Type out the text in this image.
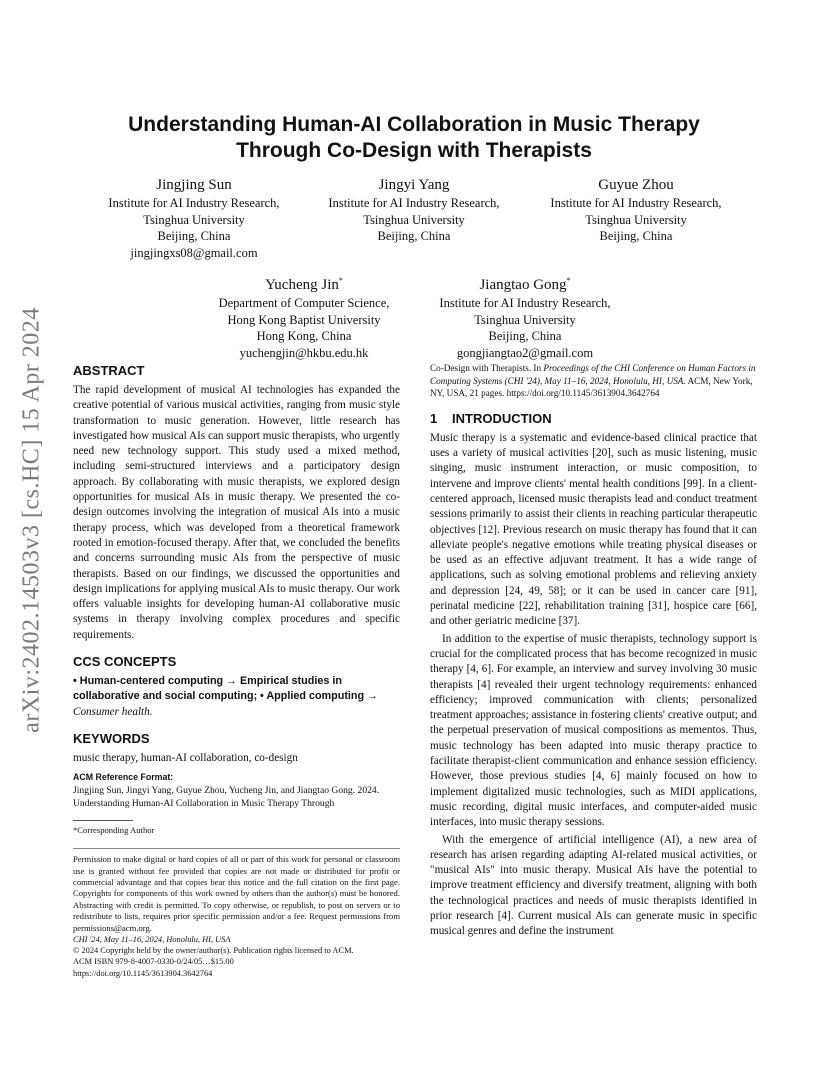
arXiv:2402.14503v3 [cs.HC] 15 Apr 2024
Understanding Human-AI Collaboration in Music Therapy
Through Co-Design with Therapists
Jingjing Sun
Institute for AI Industry Research,
Tsinghua University
Beijing, China
jingjingxs08@gmail.com
Jingyi Yang
Institute for AI Industry Research,
Tsinghua University
Beijing, China
Guyue Zhou
Institute for AI Industry Research,
Tsinghua University
Beijing, China
Yucheng Jin*
Department of Computer Science,
Hong Kong Baptist University
Hong Kong, China
yuchengjin@hkbu.edu.hk
Jiangtao Gong*
Institute for AI Industry Research,
Tsinghua University
Beijing, China
gongjiangtao2@gmail.com
ABSTRACT

The rapid development of musical AI technologies has expanded the creative potential of various musical activities, ranging from music style transformation to music generation. However, little research has investigated how musical AIs can support music therapists, who urgently need new technology support. This study used a mixed method, including semi-structured interviews and a participatory design approach. By collaborating with music therapists, we explored design opportunities for musical AIs in music therapy. We presented the co-design outcomes involving the integration of musical AIs into a music therapy process, which was developed from a theoretical framework rooted in emotion-focused therapy. After that, we concluded the benefits and concerns surrounding music AIs from the perspective of music therapists. Based on our findings, we discussed the opportunities and design implications for applying musical AIs to music therapy. Our work offers valuable insights for developing human-AI collaborative music systems in therapy involving complex procedures and specific requirements.

CCS CONCEPTS

• Human-centered computing → Empirical studies in collaborative and social computing; • Applied computing → Consumer health.

KEYWORDS

music therapy, human-AI collaboration, co-design

ACM Reference Format:

Jingjing Sun, Jingyi Yang, Guyue Zhou, Yucheng Jin, and Jiangtao Gong. 2024. Understanding Human-AI Collaboration in Music Therapy Through

*Corresponding Author

Permission to make digital or hard copies of all or part of this work for personal or classroom use is granted without fee provided that copies are not made or distributed for profit or commercial advantage and that copies bear this notice and the full citation on the first page. Copyrights for components of this work owned by others than the author(s) must be honored. Abstracting with credit is permitted. To copy otherwise, or republish, to post on servers or to redistribute to lists, requires prior specific permission and/or a fee. Request permissions from permissions@acm.org.

CHI '24, May 11–16, 2024, Honolulu, HI, USA

© 2024 Copyright held by the owner/author(s). Publication rights licensed to ACM.

ACM ISBN 979-8-4007-0330-0/24/05…$15.00

https://doi.org/10.1145/3613904.3642764

Co-Design with Therapists. In Proceedings of the CHI Conference on Human Factors in Computing Systems (CHI '24), May 11–16, 2024, Honolulu, HI, USA. ACM, New York, NY, USA, 21 pages. https://doi.org/10.1145/3613904.3642764

1 INTRODUCTION

Music therapy is a systematic and evidence-based clinical practice that uses a variety of musical activities [20], such as music listening, music singing, music instrument interaction, or music composition, to intervene and improve clients' mental health conditions [99]. In a client-centered approach, licensed music therapists lead and conduct treatment sessions primarily to assist their clients in reaching particular therapeutic objectives [12]. Previous research on music therapy has found that it can alleviate people's negative emotions while treating physical diseases or be used as an effective adjuvant treatment. It has a wide range of applications, such as solving emotional problems and relieving anxiety and depression [24, 49, 58]; or it can be used in cancer care [91], perinatal medicine [22], rehabilitation training [31], hospice care [66], and other geriatric medicine [37].

In addition to the expertise of music therapists, technology support is crucial for the complicated process that has become recognized in music therapy [4, 6]. For example, an interview and survey involving 30 music therapists [4] revealed their urgent technology requirements: enhanced efficiency; improved communication with clients; personalized treatment approaches; assistance in fostering clients' creative output; and the perpetual preservation of musical compositions as mementos. Thus, music technology has been adapted into music therapy practice to facilitate therapist-client communication and enhance session efficiency. However, those previous studies [4, 6] mainly focused on how to implement digitalized music technologies, such as MIDI applications, music recording, digital music interfaces, and computer-aided music interfaces, into music therapy sessions.

With the emergence of artificial intelligence (AI), a new area of research has arisen regarding adapting AI-related musical activities, or "musical AIs" into music therapy. Musical AIs have the potential to improve treatment efficiency and diversify treatment, aligning with both the technological practices and needs of music therapists identified in prior research [4]. Current musical AIs can generate music in specific musical genres and define the instrument
